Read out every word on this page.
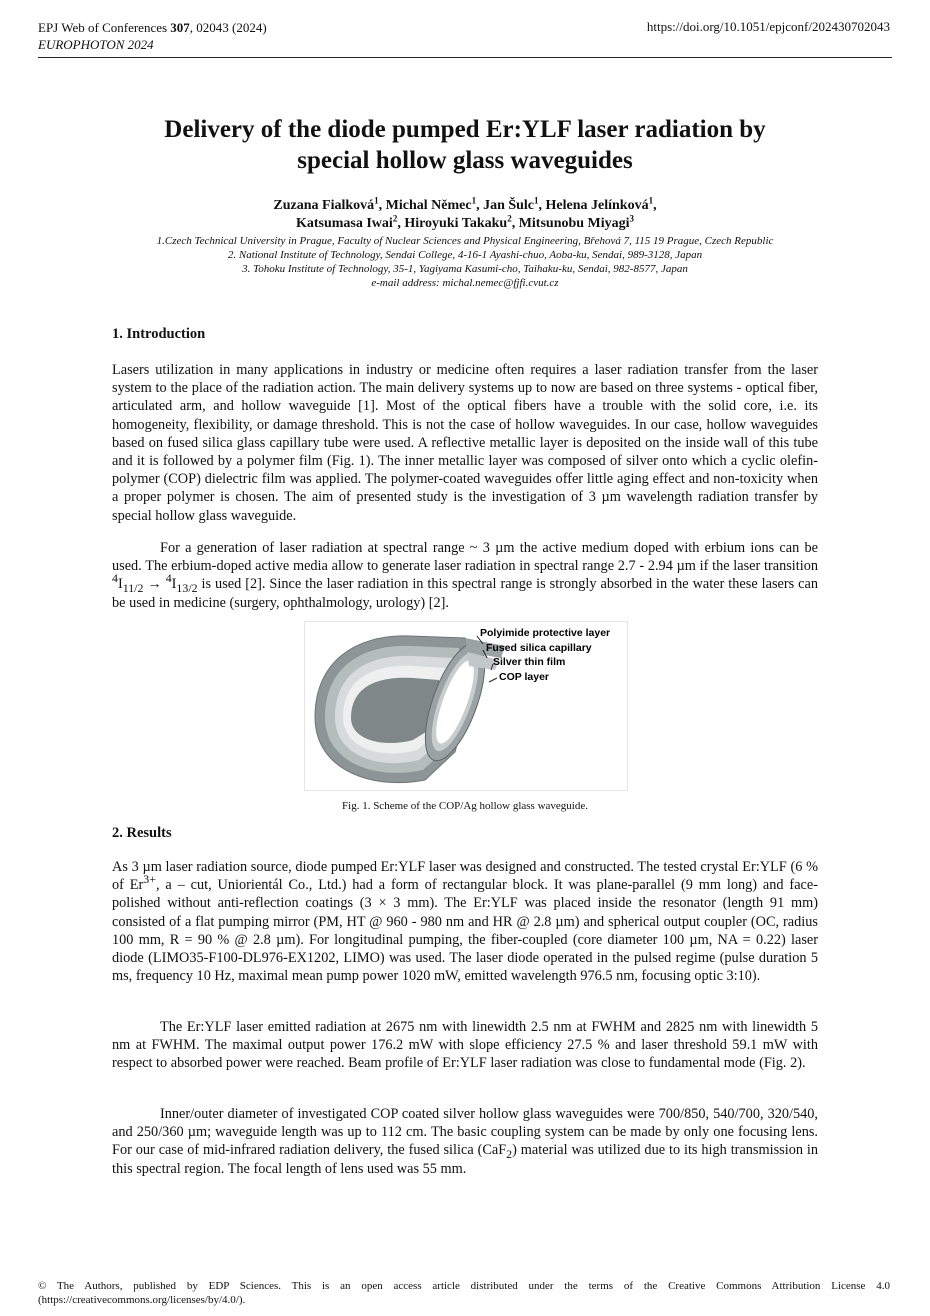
EPJ Web of Conferences 307, 02043 (2024)
EUROPHOTON 2024
https://doi.org/10.1051/epjconf/202430702043
Delivery of the diode pumped Er:YLF laser radiation by
special hollow glass waveguides
Zuzana Fialková$^1$, Michal Němec$^1$, Jan Šulc$^1$, Helena Jelínková$^1$,
Katsumasa Iwai$^2$, Hiroyuki Takaku$^2$, Mitsunobu Miyagi$^3$
1.Czech Technical University in Prague, Faculty of Nuclear Sciences and Physical Engineering, Břehová 7, 115 19 Prague, Czech Republic
2. National Institute of Technology, Sendai College, 4-16-1 Ayashi-chuo, Aoba-ku, Sendai, 989-3128, Japan
3. Tohoku Institute of Technology, 35-1, Yagiyama Kasumi-cho, Taihaku-ku, Sendai, 982-8577, Japan
e-mail address: michal.nemec@fjfi.cvut.cz
1. Introduction
Lasers utilization in many applications in industry or medicine often requires a laser radiation transfer from the laser system to the place of the radiation action. The main delivery systems up to now are based on three systems - optical fiber, articulated arm, and hollow waveguide [1]. Most of the optical fibers have a trouble with the solid core, i.e. its homogeneity, flexibility, or damage threshold. This is not the case of hollow waveguides. In our case, hollow waveguides based on fused silica glass capillary tube were used. A reflective metallic layer is deposited on the inside wall of this tube and it is followed by a polymer film (Fig. 1). The inner metallic layer was composed of silver onto which a cyclic olefin-polymer (COP) dielectric film was applied. The polymer-coated waveguides offer little aging effect and non-toxicity when a proper polymer is chosen. The aim of presented study is the investigation of 3 µm wavelength radiation transfer by special hollow glass waveguide.
For a generation of laser radiation at spectral range ~ 3 µm the active medium doped with erbium ions can be used. The erbium-doped active media allow to generate laser radiation in spectral range 2.7 - 2.94 µm if the laser transition $^4I_{11/2} \to ^4I_{13/2}$ is used [2]. Since the laser radiation in this spectral range is strongly absorbed in the water these lasers can be used in medicine (surgery, ophthalmology, urology) [2].
Polyimide protective layer
Fused silica capillary
Silver thin film
COP layer
Fig. 1. Scheme of the COP/Ag hollow glass waveguide.
2. Results
As 3 µm laser radiation source, diode pumped Er:YLF laser was designed and constructed. The tested crystal Er:YLF (6 % of $Er^{3+}$, a – cut, Uniorientál Co., Ltd.) had a form of rectangular block. It was plane-parallel (9 mm long) and face-polished without anti-reflection coatings (3 × 3 mm). The Er:YLF was placed inside the resonator (length 91 mm) consisted of a flat pumping mirror (PM, HT @ 960 - 980 nm and HR @ 2.8 µm) and spherical output coupler (OC, radius 100 mm, R = 90 % @ 2.8 µm). For longitudinal pumping, the fiber-coupled (core diameter 100 µm, NA = 0.22) laser diode (LIMO35-F100-DL976-EX1202, LIMO) was used. The laser diode operated in the pulsed regime (pulse duration 5 ms, frequency 10 Hz, maximal mean pump power 1020 mW, emitted wavelength 976.5 nm, focusing optic 3:10).
The Er:YLF laser emitted radiation at 2675 nm with linewidth 2.5 nm at FWHM and 2825 nm with linewidth 5 nm at FWHM. The maximal output power 176.2 mW with slope efficiency 27.5 % and laser threshold 59.1 mW with respect to absorbed power were reached. Beam profile of Er:YLF laser radiation was close to fundamental mode (Fig. 2).
Inner/outer diameter of investigated COP coated silver hollow glass waveguides were 700/850, 540/700, 320/540, and 250/360 µm; waveguide length was up to 112 cm. The basic coupling system can be made by only one focusing lens. For our case of mid-infrared radiation delivery, the fused silica (CaF$_2$) material was utilized due to its high transmission in this spectral region. The focal length of lens used was 55 mm.
© The Authors, published by EDP Sciences. This is an open access article distributed under the terms of the Creative Commons Attribution License 4.0 (https://creativecommons.org/licenses/by/4.0/).
